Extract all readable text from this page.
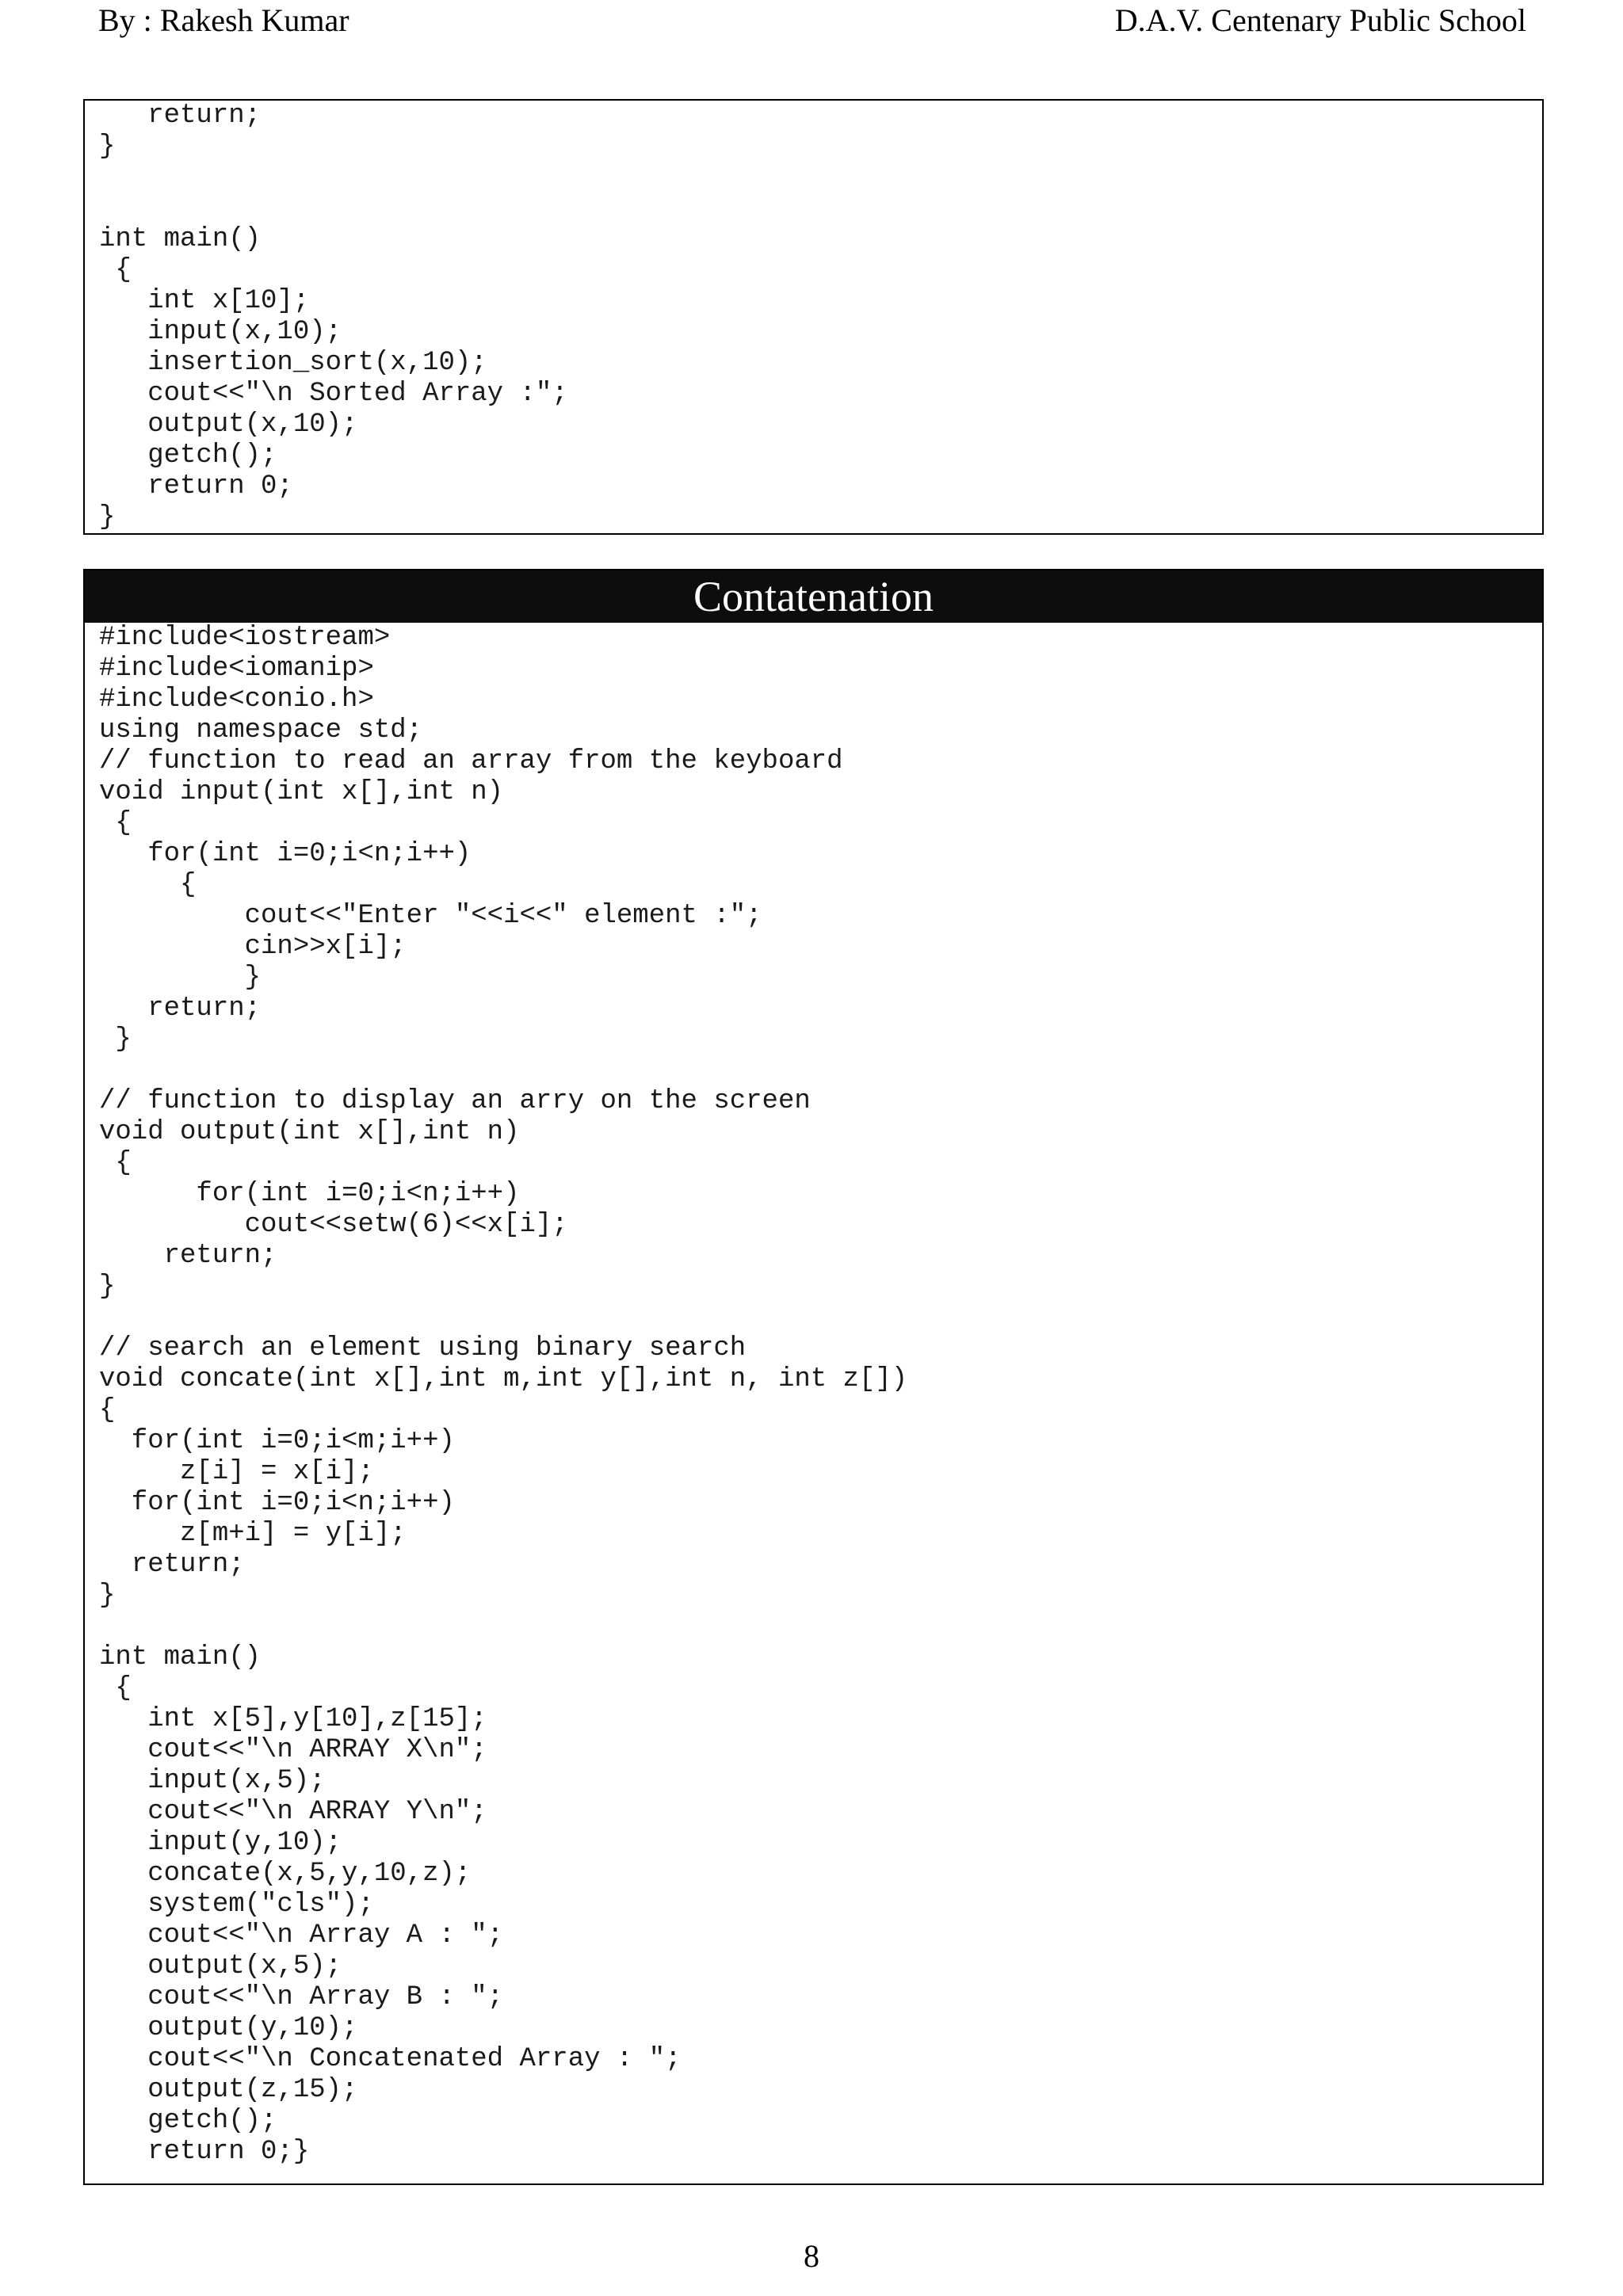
By : Rakesh Kumar	D.A.V. Centenary Public School
return;
}

int main()
{
int x[10];
input(x,10);
insertion_sort(x,10);
cout<<"\n Sorted Array :";
output(x,10);
getch();
return 0;
}
Contatenation
#include<iostream>
#include<iomanip>
#include<conio.h>
using namespace std;
// function to read an array from the keyboard
void input(int x[],int n)
{
for(int i=0;i<n;i++)
{
cout<<"Enter "<<i<<" element :";
cin>>x[i];
}
return;
}

// function to display an arry on the screen
void output(int x[],int n)
{
for(int i=0;i<n;i++)
cout<<setw(6)<<x[i];
return;
}

// search an element using binary search
void concate(int x[],int m,int y[],int n, int z[])
{
for(int i=0;i<m;i++)
z[i] = x[i];
for(int i=0;i<n;i++)
z[m+i] = y[i];
return;
}

int main()
{
int x[5],y[10],z[15];
cout<<"\n ARRAY X\n";
input(x,5);
cout<<"\n ARRAY Y\n";
input(y,10);
concate(x,5,y,10,z);
system("cls");
cout<<"\n Array A : ";
output(x,5);
cout<<"\n Array B : ";
output(y,10);
cout<<"\n Concatenated Array : ";
output(z,15);
getch();
return 0;}
8
